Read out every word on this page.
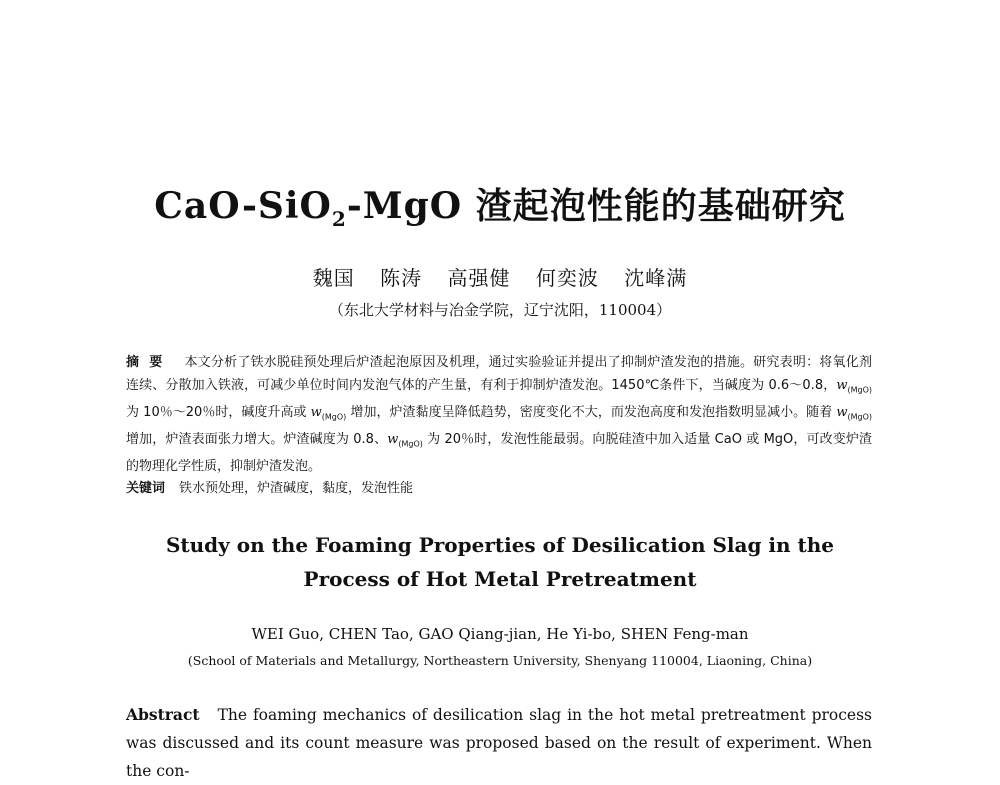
CaO-SiO$_2$-MgO 渣起泡性能的基础研究
魏国 陈涛 高强健 何奕波 沈峰满
（东北大学材料与冶金学院，辽宁沈阳，110004）
摘要 本文分析了铁水脱硅预处理后炉渣起泡原因及机理，通过实验验证并提出了抑制炉渣发泡的措施。研究表明：将氧化剂连续、分散加入铁液，可减少单位时间内发泡气体的产生量，有利于抑制炉渣发泡。1450℃条件下，当碱度为 0.6～0.8，$w_{(MgO)}$ 为 10％～20％时，碱度升高或 $w_{(MgO)}$ 增加，炉渣黏度呈降低趋势，密度变化不大，而发泡高度和发泡指数明显减小。随着 $w_{(MgO)}$ 增加，炉渣表面张力增大。炉渣碱度为 0.8、$w_{(MgO)}$ 为 20％时，发泡性能最弱。向脱硅渣中加入适量 CaO 或 MgO，可改变炉渣的物理化学性质，抑制炉渣发泡。
关键词 铁水预处理，炉渣碱度，黏度，发泡性能
Study on the Foaming Properties of Desilication Slag in the
Process of Hot Metal Pretreatment
WEI Guo, CHEN Tao, GAO Qiang-jian, He Yi-bo, SHEN Feng-man
(School of Materials and Metallurgy, Northeastern University, Shenyang 110004, Liaoning, China)
Abstract The foaming mechanics of desilication slag in the hot metal pretreatment process was discussed and its count measure was proposed based on the result of experiment. When the con-
